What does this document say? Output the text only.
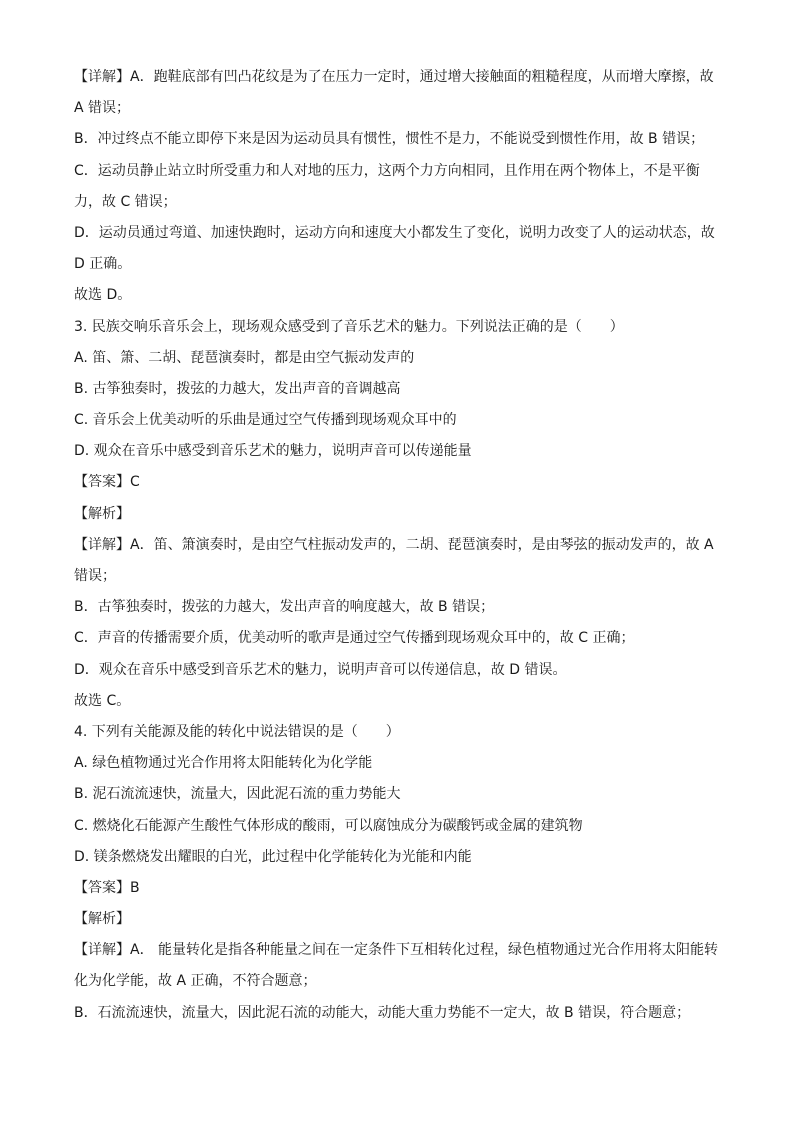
【详解】A．跑鞋底部有凹凸花纹是为了在压力一定时，通过增大接触面的粗糙程度，从而增大摩擦，故
A 错误；
B．冲过终点不能立即停下来是因为运动员具有惯性，惯性不是力，不能说受到惯性作用，故 B 错误；
C．运动员静止站立时所受重力和人对地的压力，这两个力方向相同，且作用在两个物体上，不是平衡
力，故 C 错误；
D．运动员通过弯道、加速快跑时，运动方向和速度大小都发生了变化，说明力改变了人的运动状态，故
D 正确。
故选 D。
3. 民族交响乐音乐会上，现场观众感受到了音乐艺术的魅力。下列说法正确的是（　　）
A. 笛、箫、二胡、琵琶演奏时，都是由空气振动发声的
B. 古筝独奏时，拨弦的力越大，发出声音的音调越高
C. 音乐会上优美动听的乐曲是通过空气传播到现场观众耳中的
D. 观众在音乐中感受到音乐艺术的魅力，说明声音可以传递能量
【答案】C
【解析】
【详解】A．笛、箫演奏时，是由空气柱振动发声的，二胡、琵琶演奏时，是由琴弦的振动发声的，故 A
错误；
B．古筝独奏时，拨弦的力越大，发出声音的响度越大，故 B 错误；
C．声音的传播需要介质，优美动听的歌声是通过空气传播到现场观众耳中的，故 C 正确；
D．观众在音乐中感受到音乐艺术的魅力，说明声音可以传递信息，故 D 错误。
故选 C。
4. 下列有关能源及能的转化中说法错误的是（　　）
A. 绿色植物通过光合作用将太阳能转化为化学能
B. 泥石流流速快，流量大，因此泥石流的重力势能大
C. 燃烧化石能源产生酸性气体形成的酸雨，可以腐蚀成分为碳酸钙或金属的建筑物
D. 镁条燃烧发出耀眼的白光，此过程中化学能转化为光能和内能
【答案】B
【解析】
【详解】A． 能量转化是指各种能量之间在一定条件下互相转化过程，绿色植物通过光合作用将太阳能转
化为化学能，故 A 正确，不符合题意；
B．石流流速快，流量大，因此泥石流的动能大，动能大重力势能不一定大，故 B 错误，符合题意；
